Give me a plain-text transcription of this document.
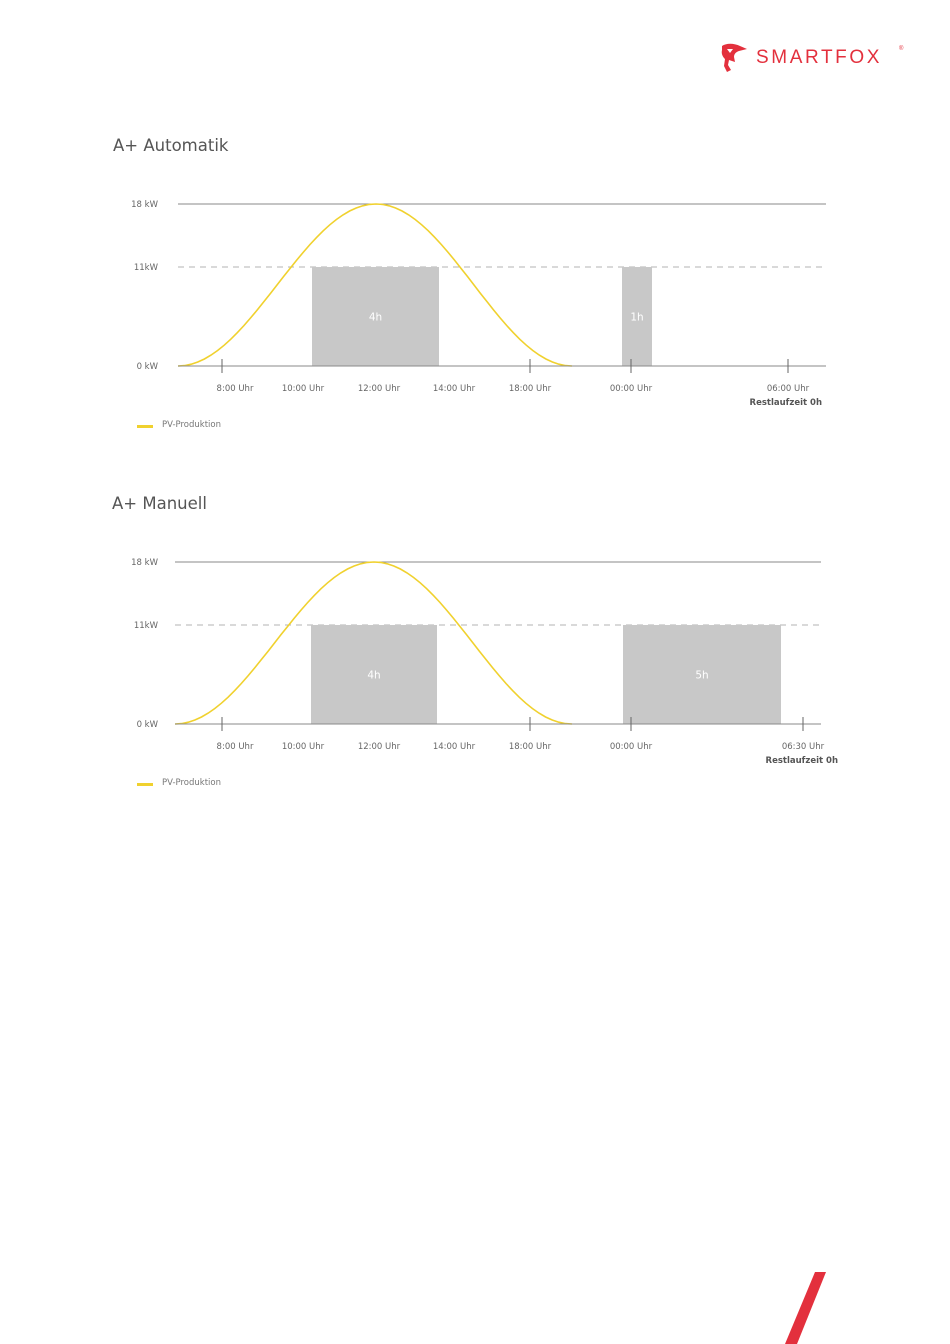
SMARTFOX	®
A+ Automatik
0 kW
11kW
18 kW
4h	1h
8:00 Uhr	10:00 Uhr	12:00 Uhr	14:00 Uhr	18:00 Uhr	00:00 Uhr	06:00 Uhr
Restlaufzeit 0h
PV-Produktion
A+ Manuell
0 kW
11kW
18 kW
4h	5h
8:00 Uhr	10:00 Uhr	12:00 Uhr	14:00 Uhr	18:00 Uhr	00:00 Uhr	06:30 Uhr
Restlaufzeit 0h
PV-Produktion
